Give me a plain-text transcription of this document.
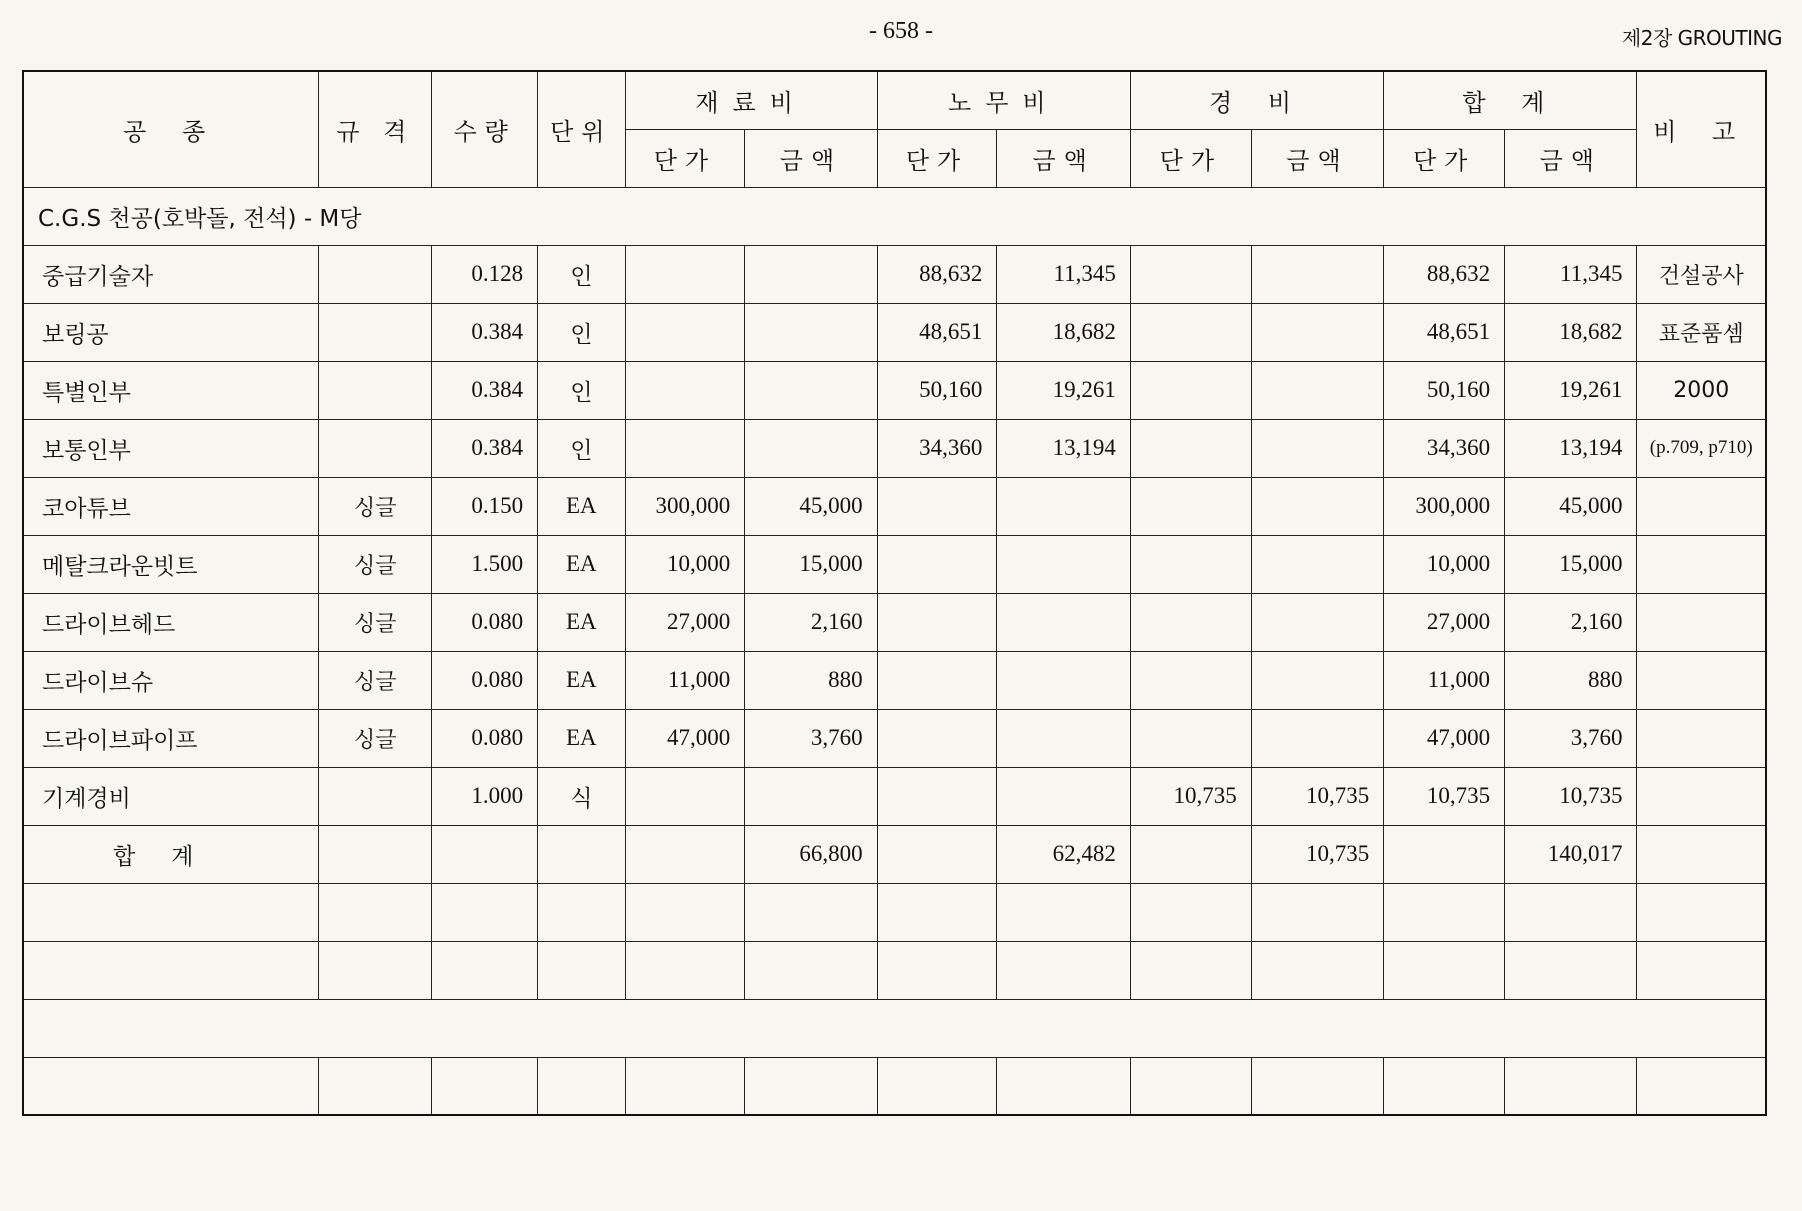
- 658 -	제2장 GROUTING
공 종	규 격	수량	단위	재료비		노무비		경 비		합 계		비 고
				단가	금액	단가	금액	단가	금액	단가	금액	
C.G.S 천공(호박돌, 전석) - M당												
중급기술자		0.128	인			88,632	11,345			88,632	11,345	건설공사
보링공		0.384	인			48,651	18,682			48,651	18,682	표준품셈
특별인부		0.384	인			50,160	19,261			50,160	19,261	2000
보통인부		0.384	인			34,360	13,194			34,360	13,194	(p.709, p710)
코아튜브	싱글	0.150	EA	300,000	45,000					300,000	45,000	
메탈크라운빗트	싱글	1.500	EA	10,000	15,000					10,000	15,000	
드라이브헤드	싱글	0.080	EA	27,000	2,160					27,000	2,160	
드라이브슈	싱글	0.080	EA	11,000	880					11,000	880	
드라이브파이프	싱글	0.080	EA	47,000	3,760					47,000	3,760	
기계경비		1.000	식					10,735	10,735	10,735	10,735	
합계					66,800		62,482		10,735		140,017	
